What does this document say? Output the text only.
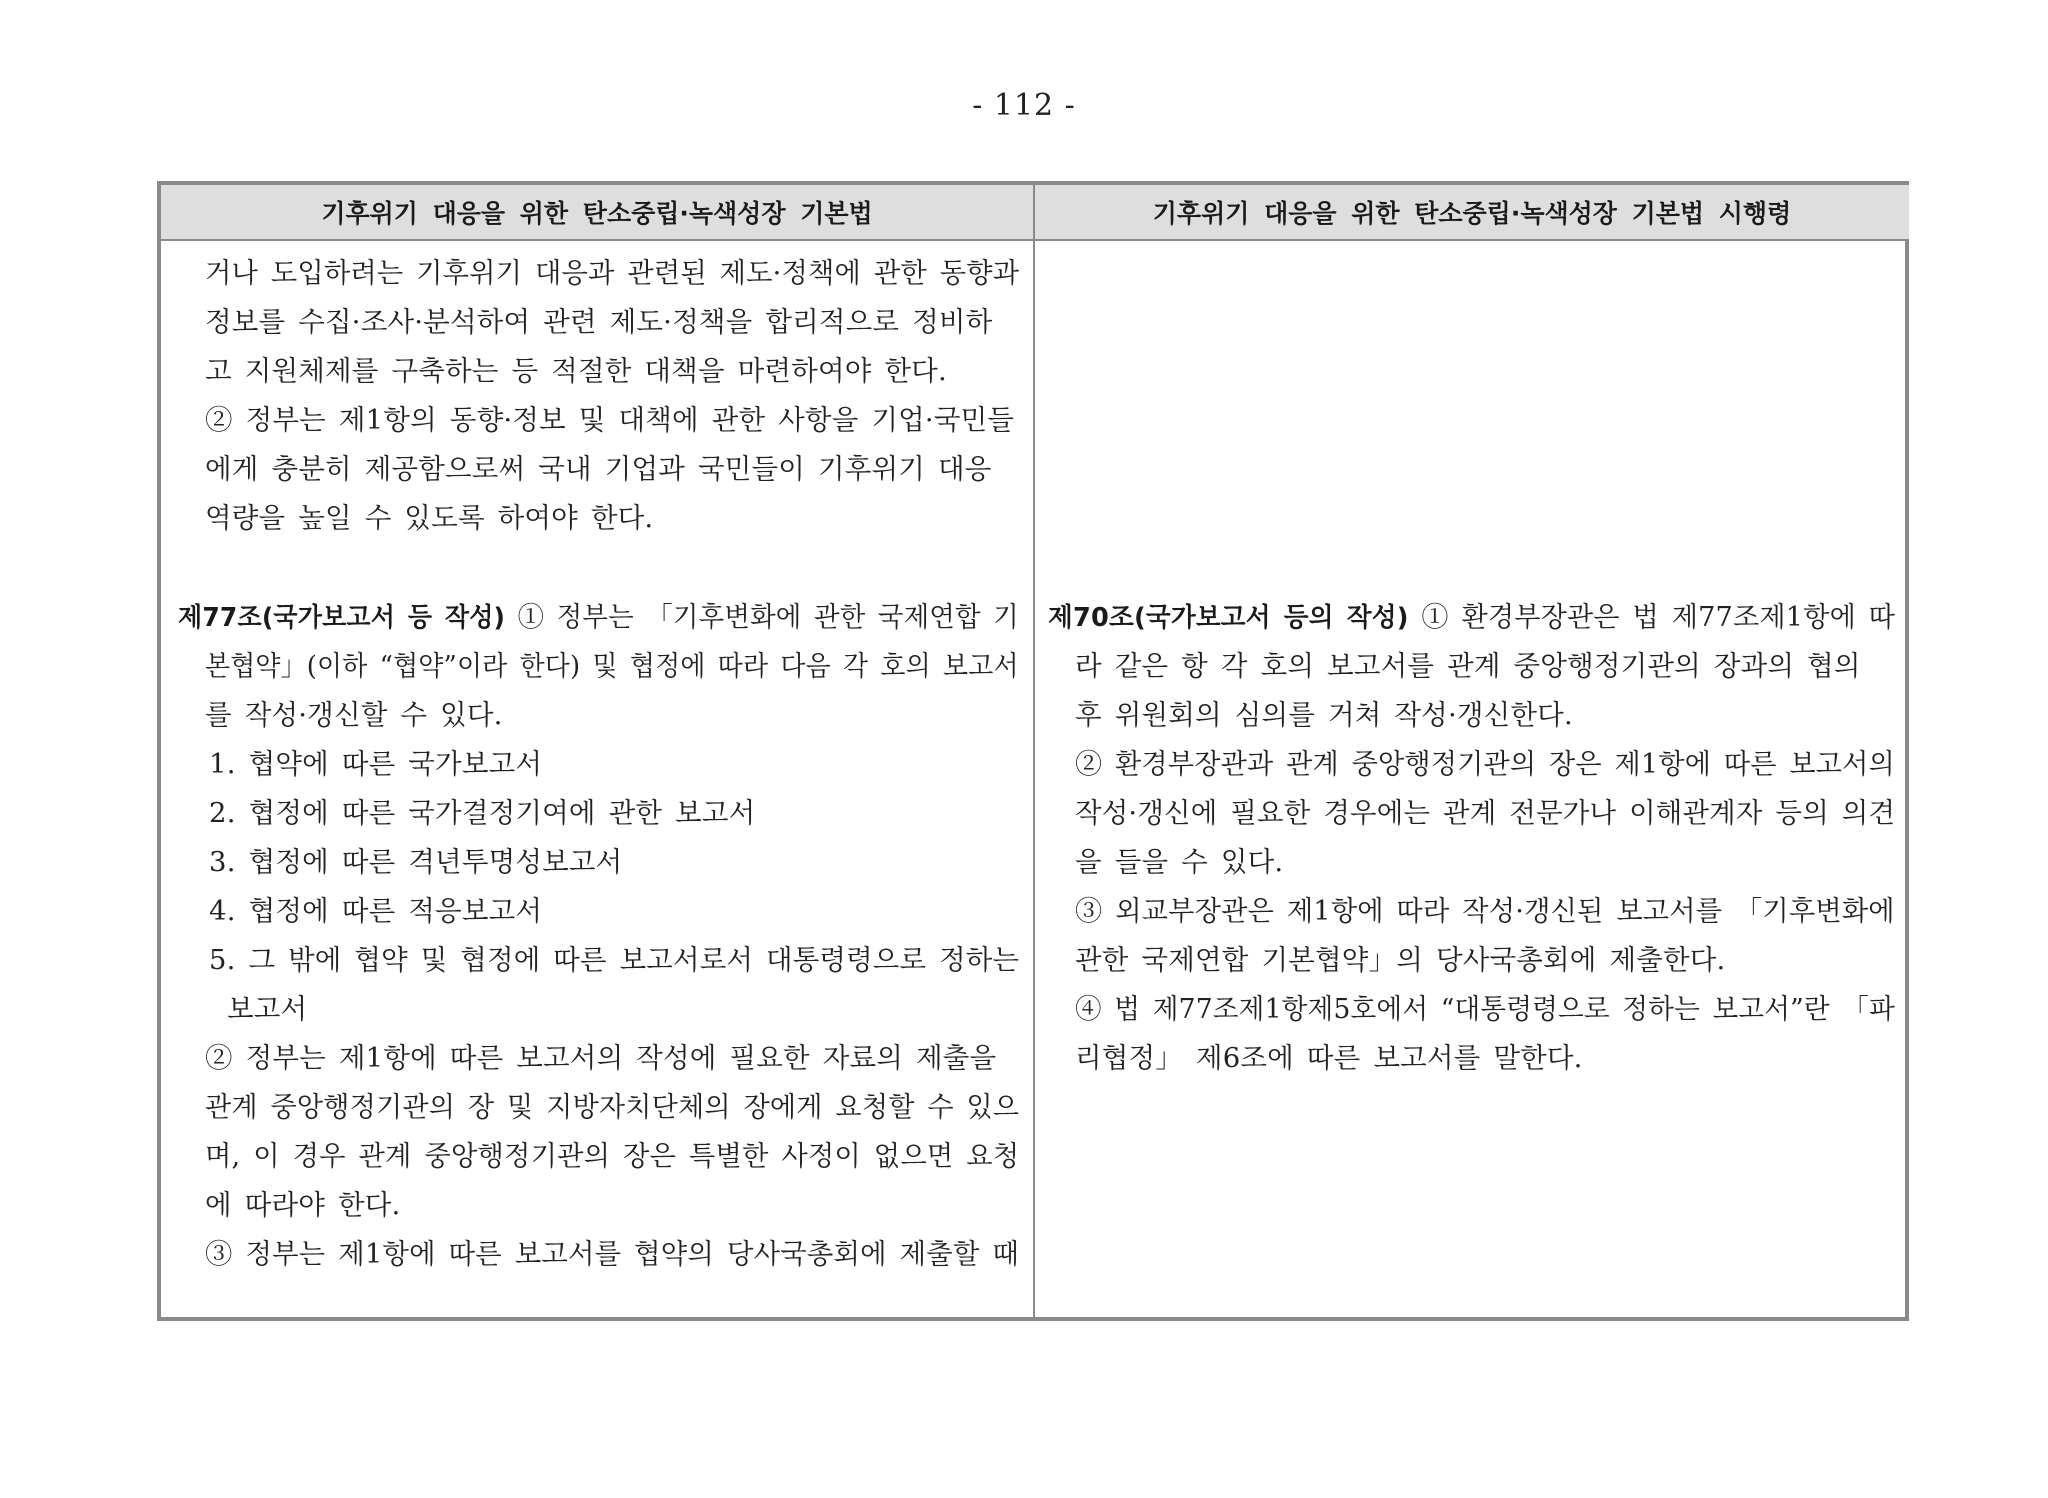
- 112 -
기후위기 대응을 위한 탄소중립·녹색성장 기본법	기후위기 대응을 위한 탄소중립·녹색성장 기본법 시행령
거나 도입하려는 기후위기 대응과 관련된 제도·정책에 관한 동향과
정보를 수집·조사·분석하여 관련 제도·정책을 합리적으로 정비하
고 지원체제를 구축하는 등 적절한 대책을 마련하여야 한다.
② 정부는 제1항의 동향·정보 및 대책에 관한 사항을 기업·국민들
에게 충분히 제공함으로써 국내 기업과 국민들이 기후위기 대응
역량을 높일 수 있도록 하여야 한다.
제77조(국가보고서 등 작성) ① 정부는 「기후변화에 관한 국제연합 기
본협약」(이하 “협약”이라 한다) 및 협정에 따라 다음 각 호의 보고서
를 작성·갱신할 수 있다.
1. 협약에 따른 국가보고서
2. 협정에 따른 국가결정기여에 관한 보고서
3. 협정에 따른 격년투명성보고서
4. 협정에 따른 적응보고서
5. 그 밖에 협약 및 협정에 따른 보고서로서 대통령령으로 정하는
보고서
② 정부는 제1항에 따른 보고서의 작성에 필요한 자료의 제출을
관계 중앙행정기관의 장 및 지방자치단체의 장에게 요청할 수 있으
며, 이 경우 관계 중앙행정기관의 장은 특별한 사정이 없으면 요청
에 따라야 한다.
③ 정부는 제1항에 따른 보고서를 협약의 당사국총회에 제출할 때
제70조(국가보고서 등의 작성) ① 환경부장관은 법 제77조제1항에 따
라 같은 항 각 호의 보고서를 관계 중앙행정기관의 장과의 협의
후 위원회의 심의를 거쳐 작성·갱신한다.
② 환경부장관과 관계 중앙행정기관의 장은 제1항에 따른 보고서의
작성·갱신에 필요한 경우에는 관계 전문가나 이해관계자 등의 의견
을 들을 수 있다.
③ 외교부장관은 제1항에 따라 작성·갱신된 보고서를 「기후변화에
관한 국제연합 기본협약」의 당사국총회에 제출한다.
④ 법 제77조제1항제5호에서 “대통령령으로 정하는 보고서”란 「파
리협정」 제6조에 따른 보고서를 말한다.
